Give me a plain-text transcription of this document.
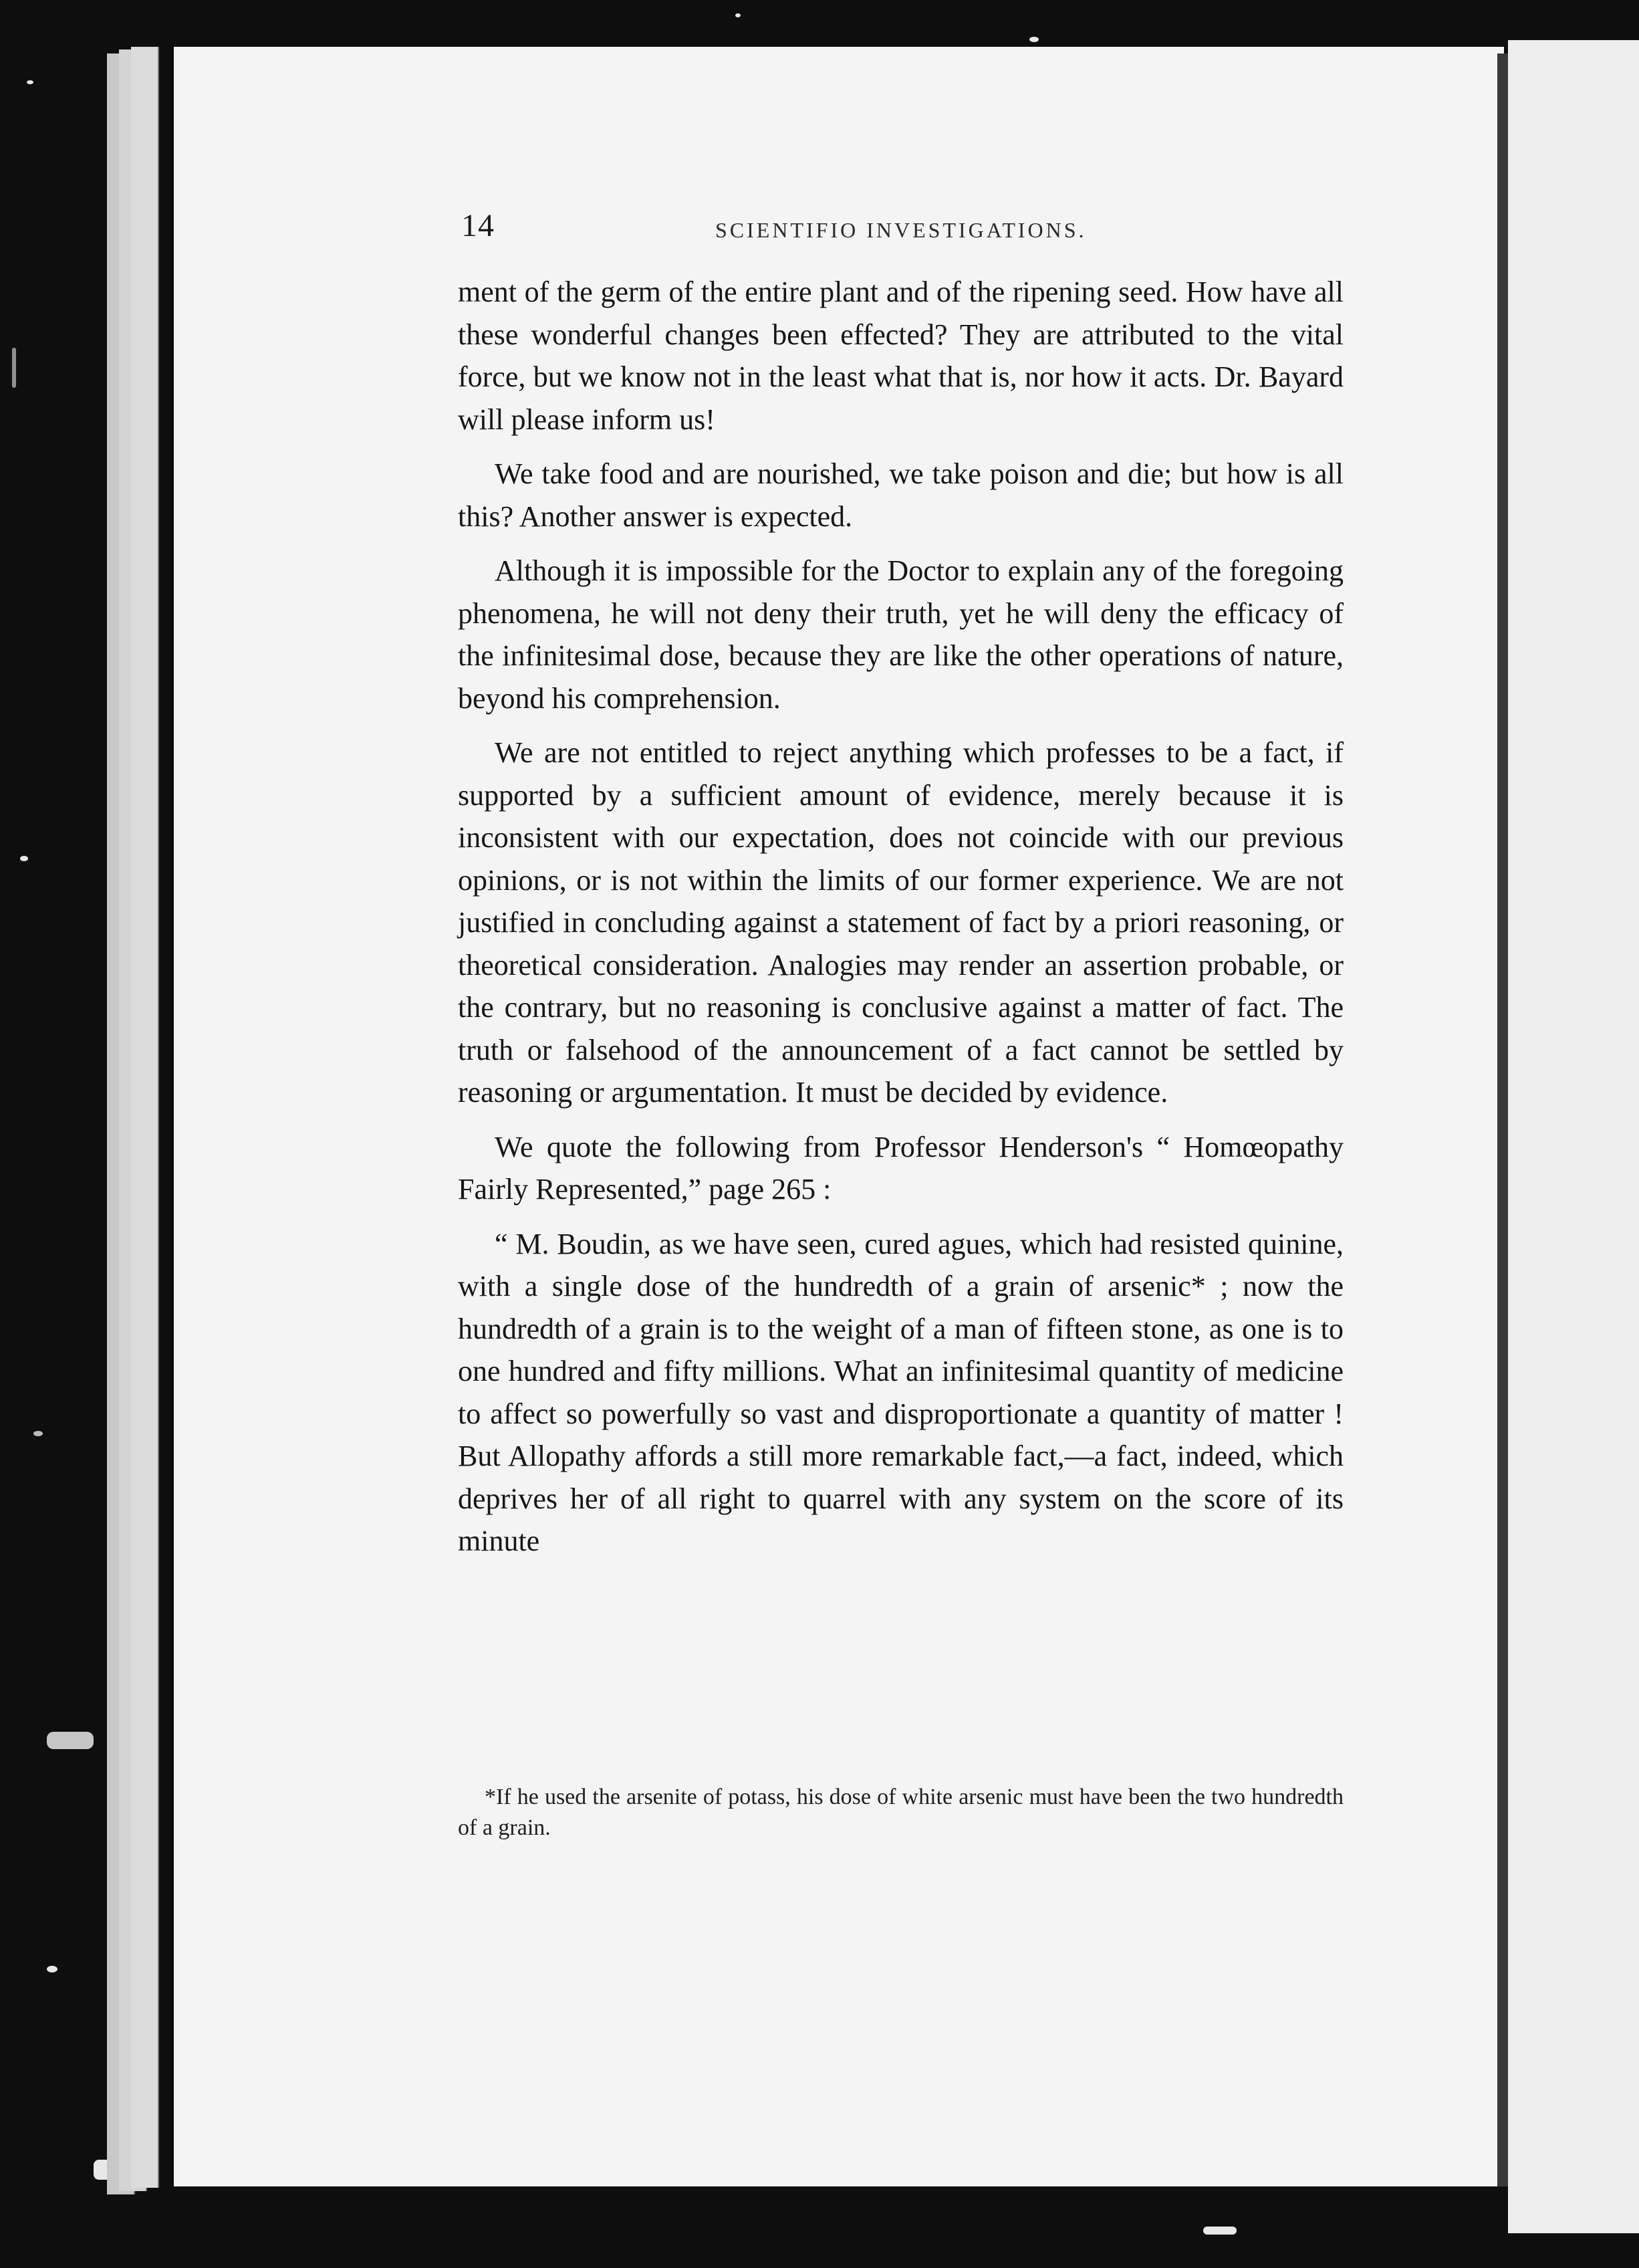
14	SCIENTIFIO INVESTIGATIONS.

ment of the germ of the entire plant and of the ripening seed. How have all these wonderful changes been effected? They are attributed to the vital force, but we know not in the least what that is, nor how it acts. Dr. Bayard will please inform us!

We take food and are nourished, we take poison and die; but how is all this? Another answer is expected.

Although it is impossible for the Doctor to explain any of the foregoing phenomena, he will not deny their truth, yet he will deny the efficacy of the infinitesimal dose, because they are like the other operations of nature, beyond his comprehension.

We are not entitled to reject anything which professes to be a fact, if supported by a sufficient amount of evidence, merely because it is inconsistent with our expectation, does not coincide with our previous opinions, or is not within the limits of our former experience. We are not justified in concluding against a statement of fact by a priori reasoning, or theoretical consideration. Analogies may render an assertion probable, or the contrary, but no reasoning is conclusive against a matter of fact. The truth or falsehood of the announcement of a fact cannot be settled by reasoning or argumentation. It must be decided by evidence.

We quote the following from Professor Henderson's “ Homœopathy Fairly Represented,” page 265 :

“ M. Boudin, as we have seen, cured agues, which had resisted quinine, with a single dose of the hundredth of a grain of arsenic* ; now the hundredth of a grain is to the weight of a man of fifteen stone, as one is to one hundred and fifty millions. What an infinitesimal quantity of medicine to affect so powerfully so vast and disproportionate a quantity of matter ! But Allopathy affords a still more remarkable fact,—a fact, indeed, which deprives her of all right to quarrel with any system on the score of its minute

*If he used the arsenite of potass, his dose of white arsenic must have been the two hundredth of a grain.
